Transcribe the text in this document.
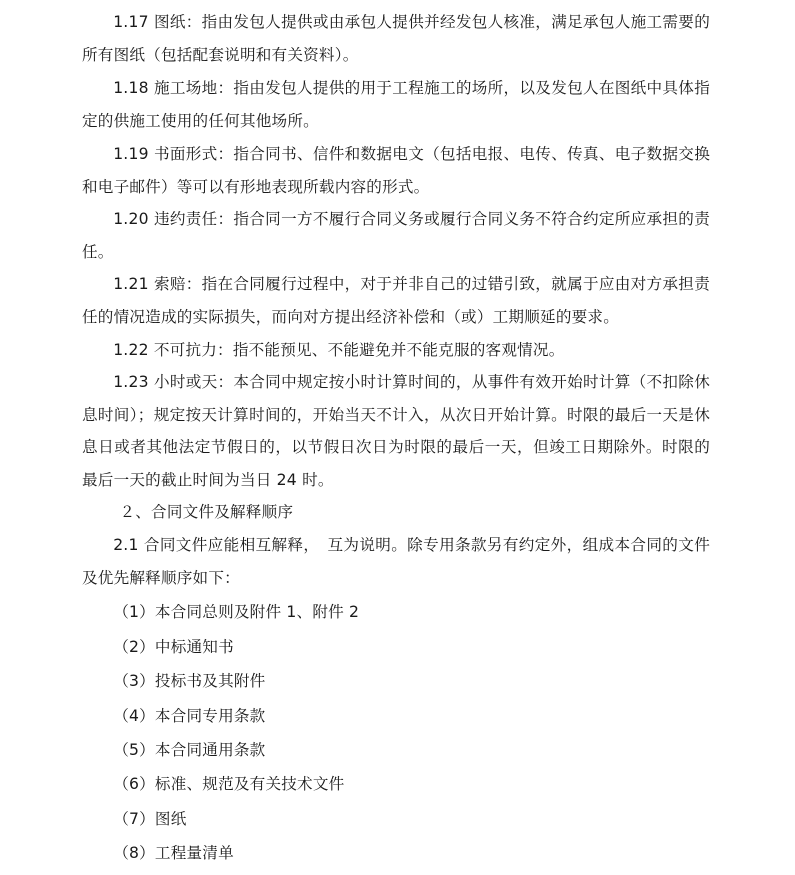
1.17 图纸：指由发包人提供或由承包人提供并经发包人核准，满足承包人施工需要的所有图纸（包括配套说明和有关资料）。

1.18 施工场地：指由发包人提供的用于工程施工的场所，以及发包人在图纸中具体指定的供施工使用的任何其他场所。

1.19 书面形式：指合同书、信件和数据电文（包括电报、电传、传真、电子数据交换和电子邮件）等可以有形地表现所载内容的形式。

1.20 违约责任：指合同一方不履行合同义务或履行合同义务不符合约定所应承担的责任。

1.21 索赔：指在合同履行过程中，对于并非自己的过错引致，就属于应由对方承担责任的情况造成的实际损失，而向对方提出经济补偿和（或）工期顺延的要求。

1.22 不可抗力：指不能预见、不能避免并不能克服的客观情况。

1.23 小时或天：本合同中规定按小时计算时间的，从事件有效开始时计算（不扣除休息时间）；规定按天计算时间的，开始当天不计入，从次日开始计算。时限的最后一天是休息日或者其他法定节假日的，以节假日次日为时限的最后一天，但竣工日期除外。时限的最后一天的截止时间为当日 24 时。

２、合同文件及解释顺序

2.1 合同文件应能相互解释，　互为说明。除专用条款另有约定外，组成本合同的文件及优先解释顺序如下：

（1）本合同总则及附件 1、附件 2

（2）中标通知书

（3）投标书及其附件

（4）本合同专用条款

（5）本合同通用条款

（6）标准、规范及有关技术文件

（7）图纸

（8）工程量清单
